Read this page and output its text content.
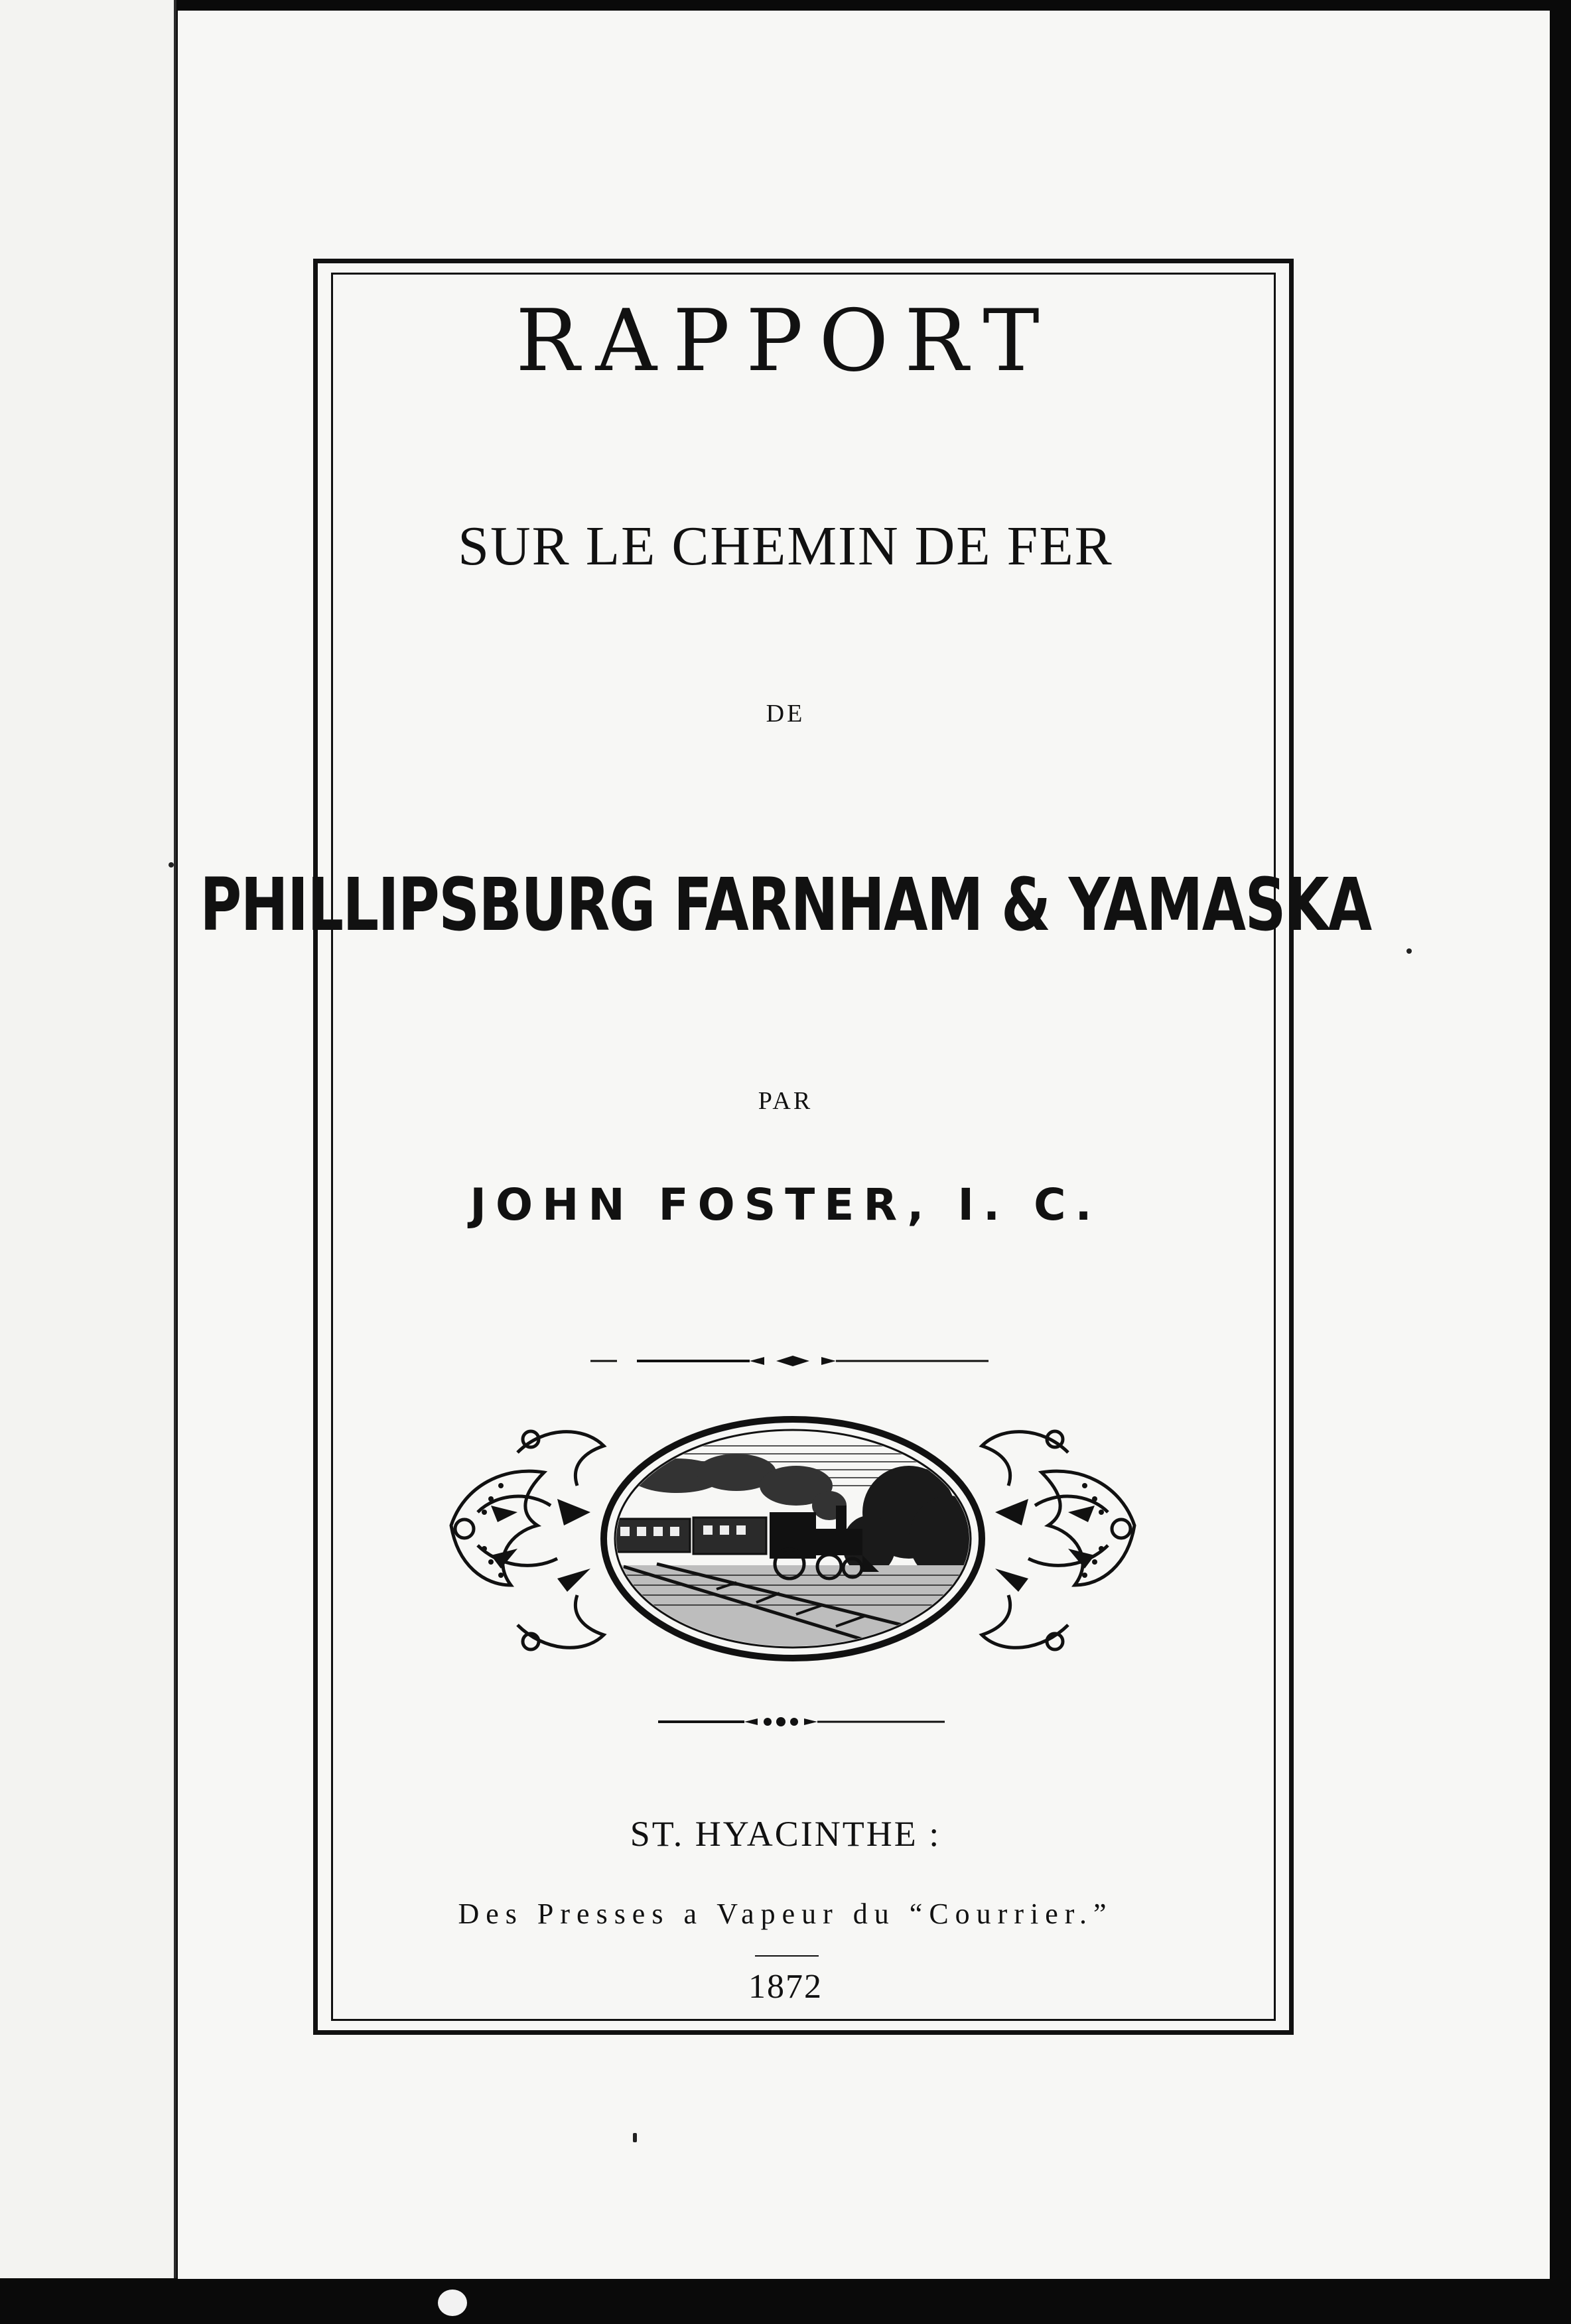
RAPPORT
SUR LE CHEMIN DE FER
DE
PHILLIPSBURG FARNHAM & YAMASKA
PAR
JOHN FOSTER, I. C.
ST. HYACINTHE :
Des Presses a Vapeur du “Courrier.”
1872
